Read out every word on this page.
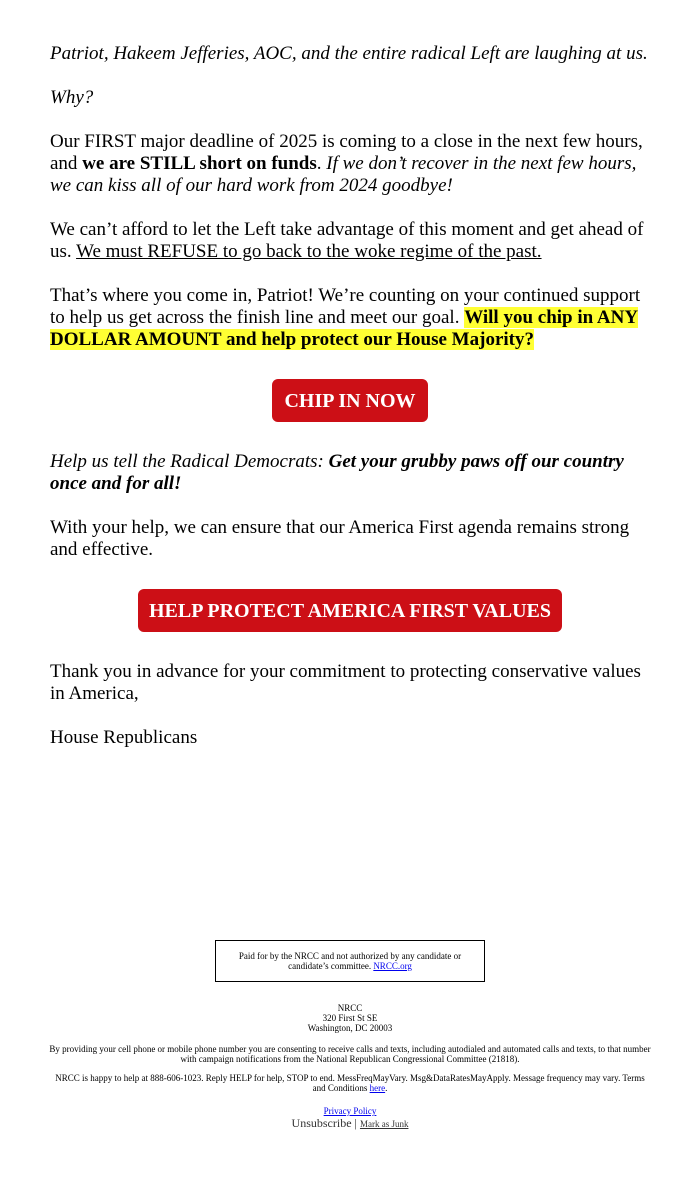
Patriot, Hakeem Jefferies, AOC, and the entire radical Left are laughing at us.

Why?

Our FIRST major deadline of 2025 is coming to a close in the next few hours, and we are STILL short on funds. If we don’t recover in the next few hours, we can kiss all of our hard work from 2024 goodbye!

We can’t afford to let the Left take advantage of this moment and get ahead of us. We must REFUSE to go back to the woke regime of the past.

That’s where you come in, Patriot! We’re counting on your continued support to help us get across the finish line and meet our goal. Will you chip in ANY DOLLAR AMOUNT and help protect our House Majority?

CHIP IN NOW

Help us tell the Radical Democrats: Get your grubby paws off our country once and for all!

With your help, we can ensure that our America First agenda remains strong and effective.

HELP PROTECT AMERICA FIRST VALUES

Thank you in advance for your commitment to protecting conservative values in America,

House Republicans

Paid for by the NRCC and not authorized by any candidate or candidate’s committee. NRCC.org
NRCC
320 First St SE
Washington, DC 20003
By providing your cell phone or mobile phone number you are consenting to receive calls and texts, including autodialed and automated calls and texts, to that number with campaign notifications from the National Republican Congressional Committee (21818).
NRCC is happy to help at 888-606-1023. Reply HELP for help, STOP to end. MessFreqMayVary. Msg&DataRatesMayApply. Message frequency may vary. Terms and Conditions here.
Privacy Policy
Unsubscribe | Mark as Junk
